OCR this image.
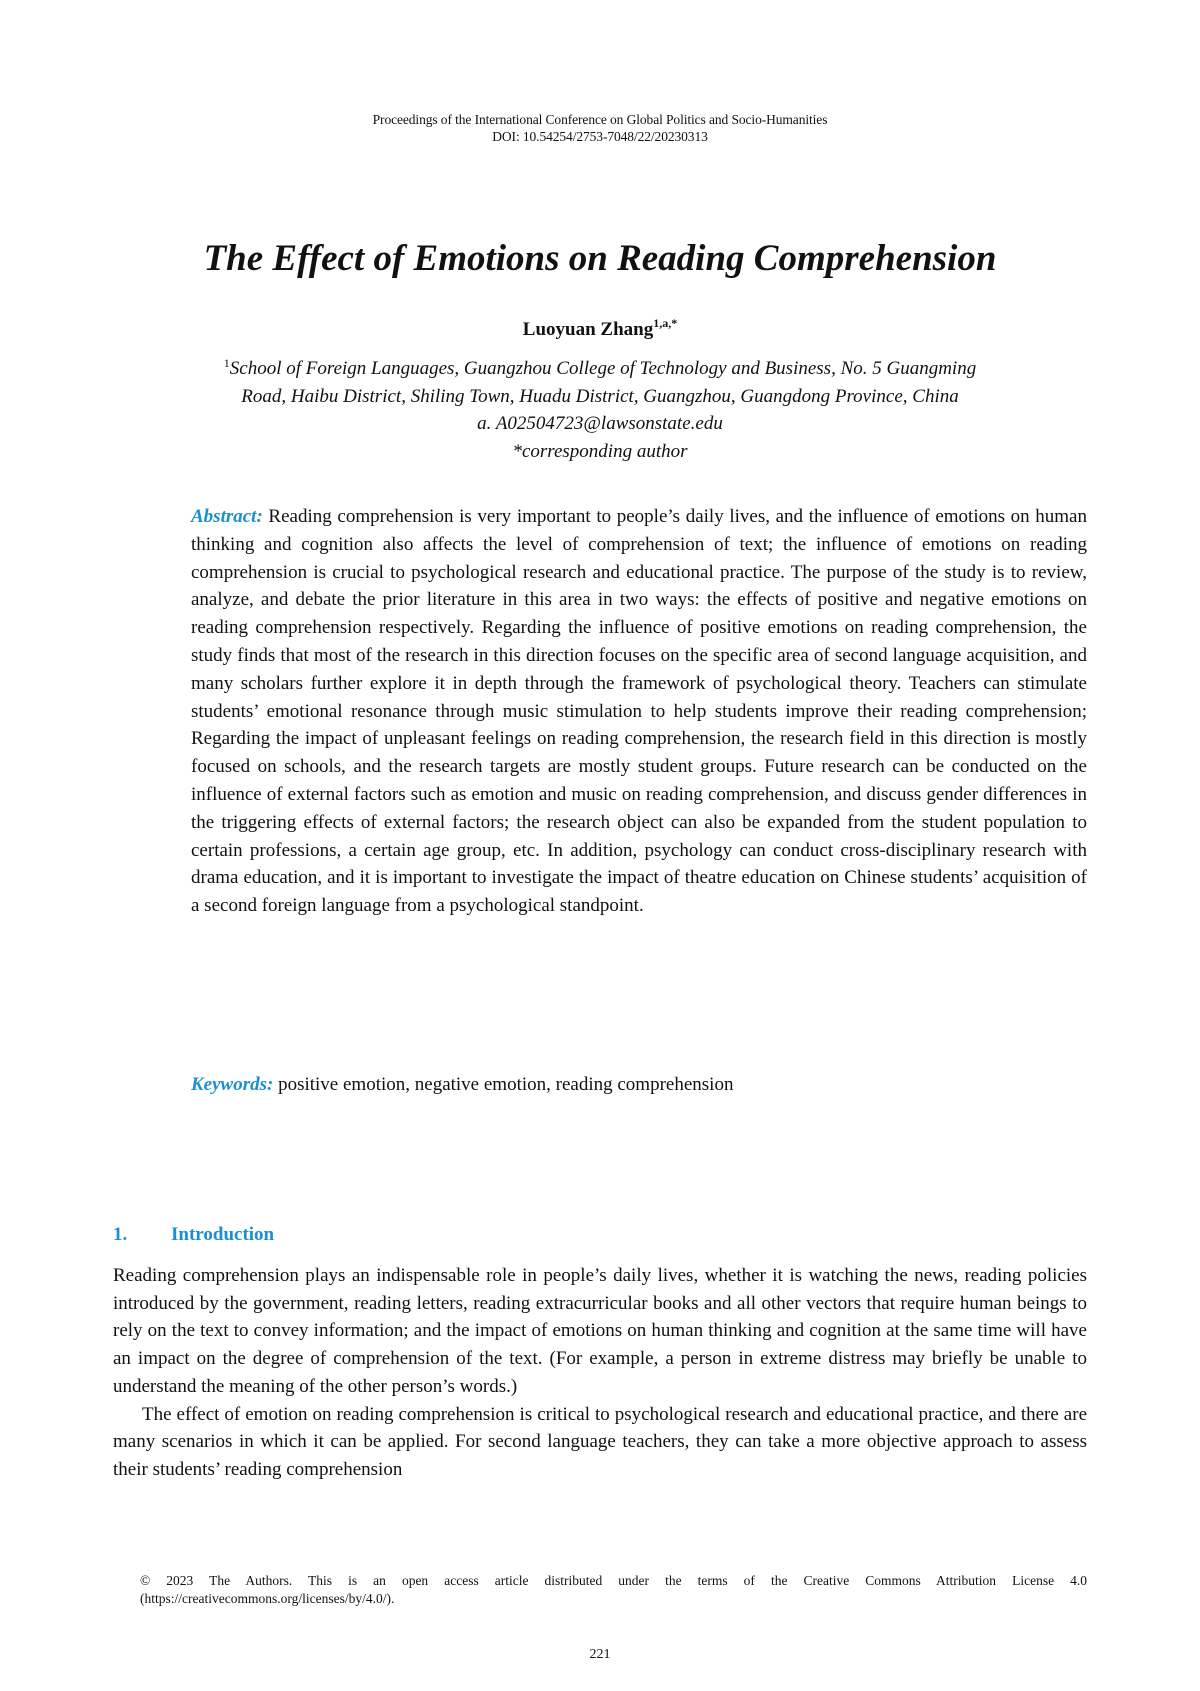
Proceedings of the International Conference on Global Politics and Socio-Humanities
DOI: 10.54254/2753-7048/22/20230313
The Effect of Emotions on Reading Comprehension
Luoyuan Zhang$^{1,a,*}$
$^1$School of Foreign Languages, Guangzhou College of Technology and Business, No. 5 Guangming
Road, Haibu District, Shiling Town, Huadu District, Guangzhou, Guangdong Province, China
a. A02504723@lawsonstate.edu
*corresponding author

Abstract: Reading comprehension is very important to people’s daily lives, and the influence of emotions on human thinking and cognition also affects the level of comprehension of text; the influence of emotions on reading comprehension is crucial to psychological research and educational practice. The purpose of the study is to review, analyze, and debate the prior literature in this area in two ways: the effects of positive and negative emotions on reading comprehension respectively. Regarding the influence of positive emotions on reading comprehension, the study finds that most of the research in this direction focuses on the specific area of second language acquisition, and many scholars further explore it in depth through the framework of psychological theory. Teachers can stimulate students’ emotional resonance through music stimulation to help students improve their reading comprehension; Regarding the impact of unpleasant feelings on reading comprehension, the research field in this direction is mostly focused on schools, and the research targets are mostly student groups. Future research can be conducted on the influence of external factors such as emotion and music on reading comprehension, and discuss gender differences in the triggering effects of external factors; the research object can also be expanded from the student population to certain professions, a certain age group, etc. In addition, psychology can conduct cross-disciplinary research with drama education, and it is important to investigate the impact of theatre education on Chinese students’ acquisition of a second foreign language from a psychological standpoint.

Keywords: positive emotion, negative emotion, reading comprehension
1. Introduction

Reading comprehension plays an indispensable role in people’s daily lives, whether it is watching the news, reading policies introduced by the government, reading letters, reading extracurricular books and all other vectors that require human beings to rely on the text to convey information; and the impact of emotions on human thinking and cognition at the same time will have an impact on the degree of comprehension of the text. (For example, a person in extreme distress may briefly be unable to understand the meaning of the other person’s words.)

The effect of emotion on reading comprehension is critical to psychological research and educational practice, and there are many scenarios in which it can be applied. For second language teachers, they can take a more objective approach to assess their students’ reading comprehension

© 2023 The Authors. This is an open access article distributed under the terms of the Creative Commons Attribution License 4.0 (https://creativecommons.org/licenses/by/4.0/).
221
